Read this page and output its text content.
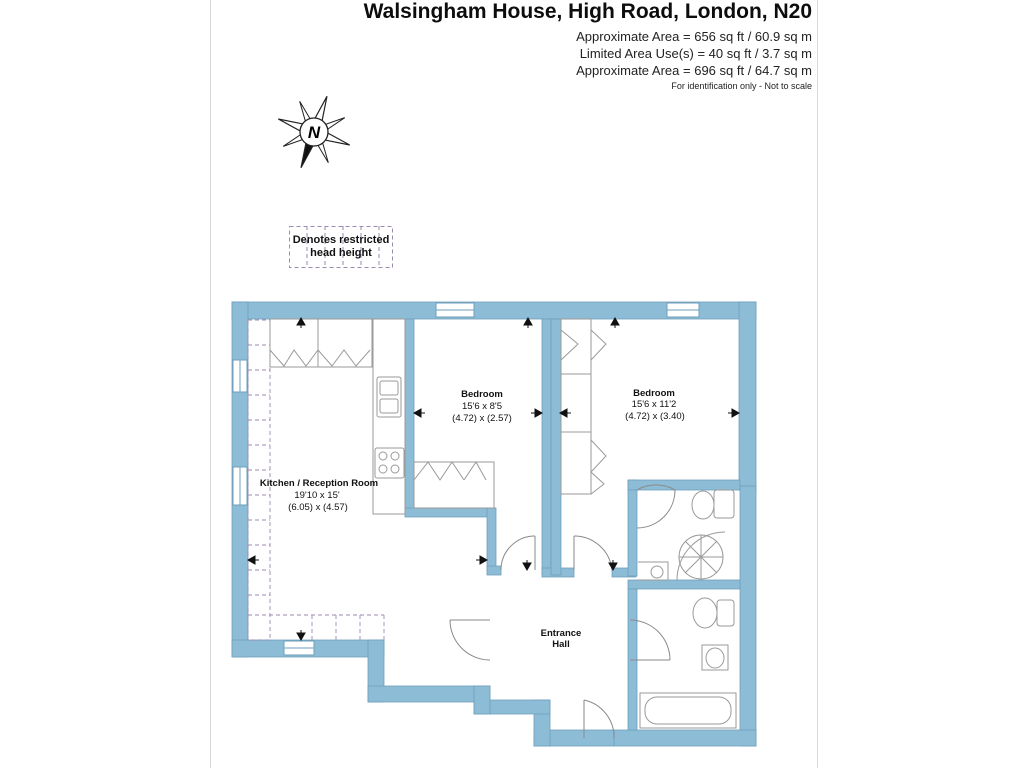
Walsingham House, High Road, London, N20
Approximate Area = 656 sq ft / 60.9 sq m
Limited Area Use(s) = 40 sq ft / 3.7 sq m
Approximate Area = 696 sq ft / 64.7 sq m
For identification only - Not to scale
N
Denotes restricted
head height
Kitchen / Reception Room
19'10 x 15'
(6.05) x (4.57)
Bedroom
15'6 x 8'5
(4.72) x (2.57)
Bedroom
15'6 x 11'2
(4.72) x (3.40)
Entrance
Hall
